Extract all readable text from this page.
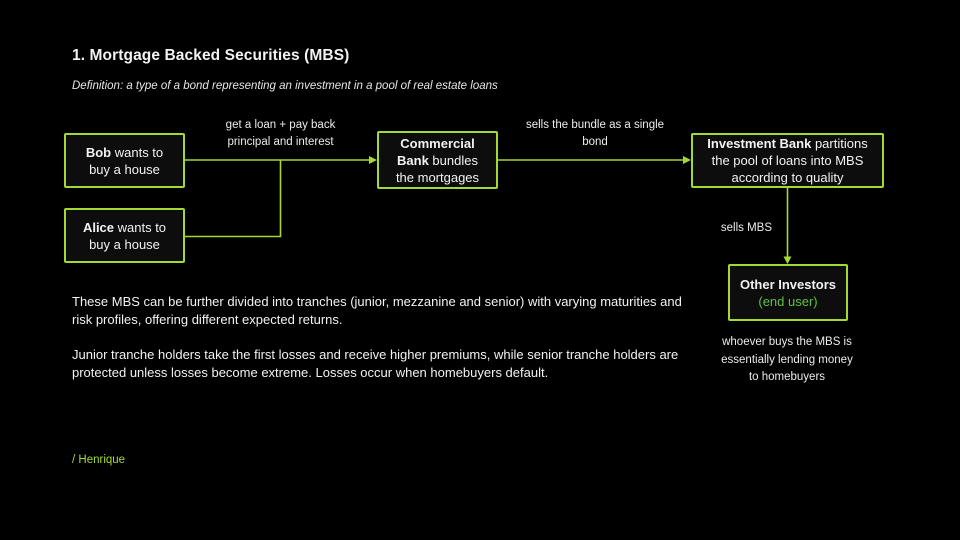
1. Mortgage Backed Securities (MBS)
Definition: a type of a bond representing an investment in a pool of real estate loans
Bob wants to
buy a house
Alice wants to
buy a house
Commercial
Bank bundles
the mortgages
Investment Bank partitions
the pool of loans into MBS
according to quality
Other Investors
(end user)
get a loan + pay back
principal and interest
sells the bundle as a single
bond
sells MBS
whoever buys the MBS is
essentially lending money
to homebuyers
These MBS can be further divided into tranches (junior, mezzanine and senior) with varying maturities and risk profiles, offering different expected returns.
Junior tranche holders take the first losses and receive higher premiums, while senior tranche holders are protected unless losses become extreme. Losses occur when homebuyers default.
/ Henrique
